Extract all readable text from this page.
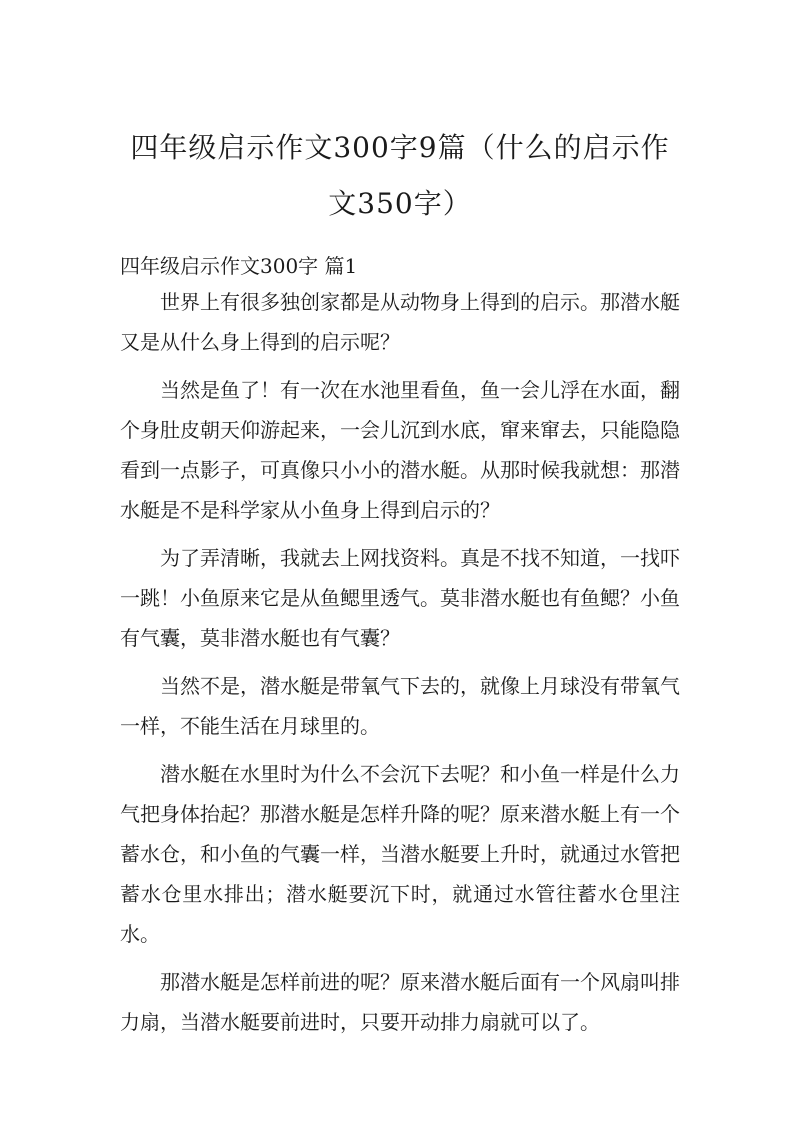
四年级启示作文300字9篇（什么的启示作
文350字）
四年级启示作文300字 篇1

世界上有很多独创家都是从动物身上得到的启示。那潜水艇又是从什么身上得到的启示呢？

当然是鱼了！有一次在水池里看鱼，鱼一会儿浮在水面，翻个身肚皮朝天仰游起来，一会儿沉到水底，窜来窜去，只能隐隐看到一点影子，可真像只小小的潜水艇。从那时候我就想：那潜水艇是不是科学家从小鱼身上得到启示的？

为了弄清晰，我就去上网找资料。真是不找不知道，一找吓一跳！小鱼原来它是从鱼鳃里透气。莫非潜水艇也有鱼鳃？小鱼有气囊，莫非潜水艇也有气囊？

当然不是，潜水艇是带氧气下去的，就像上月球没有带氧气一样，不能生活在月球里的。

潜水艇在水里时为什么不会沉下去呢？和小鱼一样是什么力气把身体抬起？那潜水艇是怎样升降的呢？原来潜水艇上有一个蓄水仓，和小鱼的气囊一样，当潜水艇要上升时，就通过水管把蓄水仓里水排出；潜水艇要沉下时，就通过水管往蓄水仓里注水。

那潜水艇是怎样前进的呢？原来潜水艇后面有一个风扇叫排力扇，当潜水艇要前进时，只要开动排力扇就可以了。
